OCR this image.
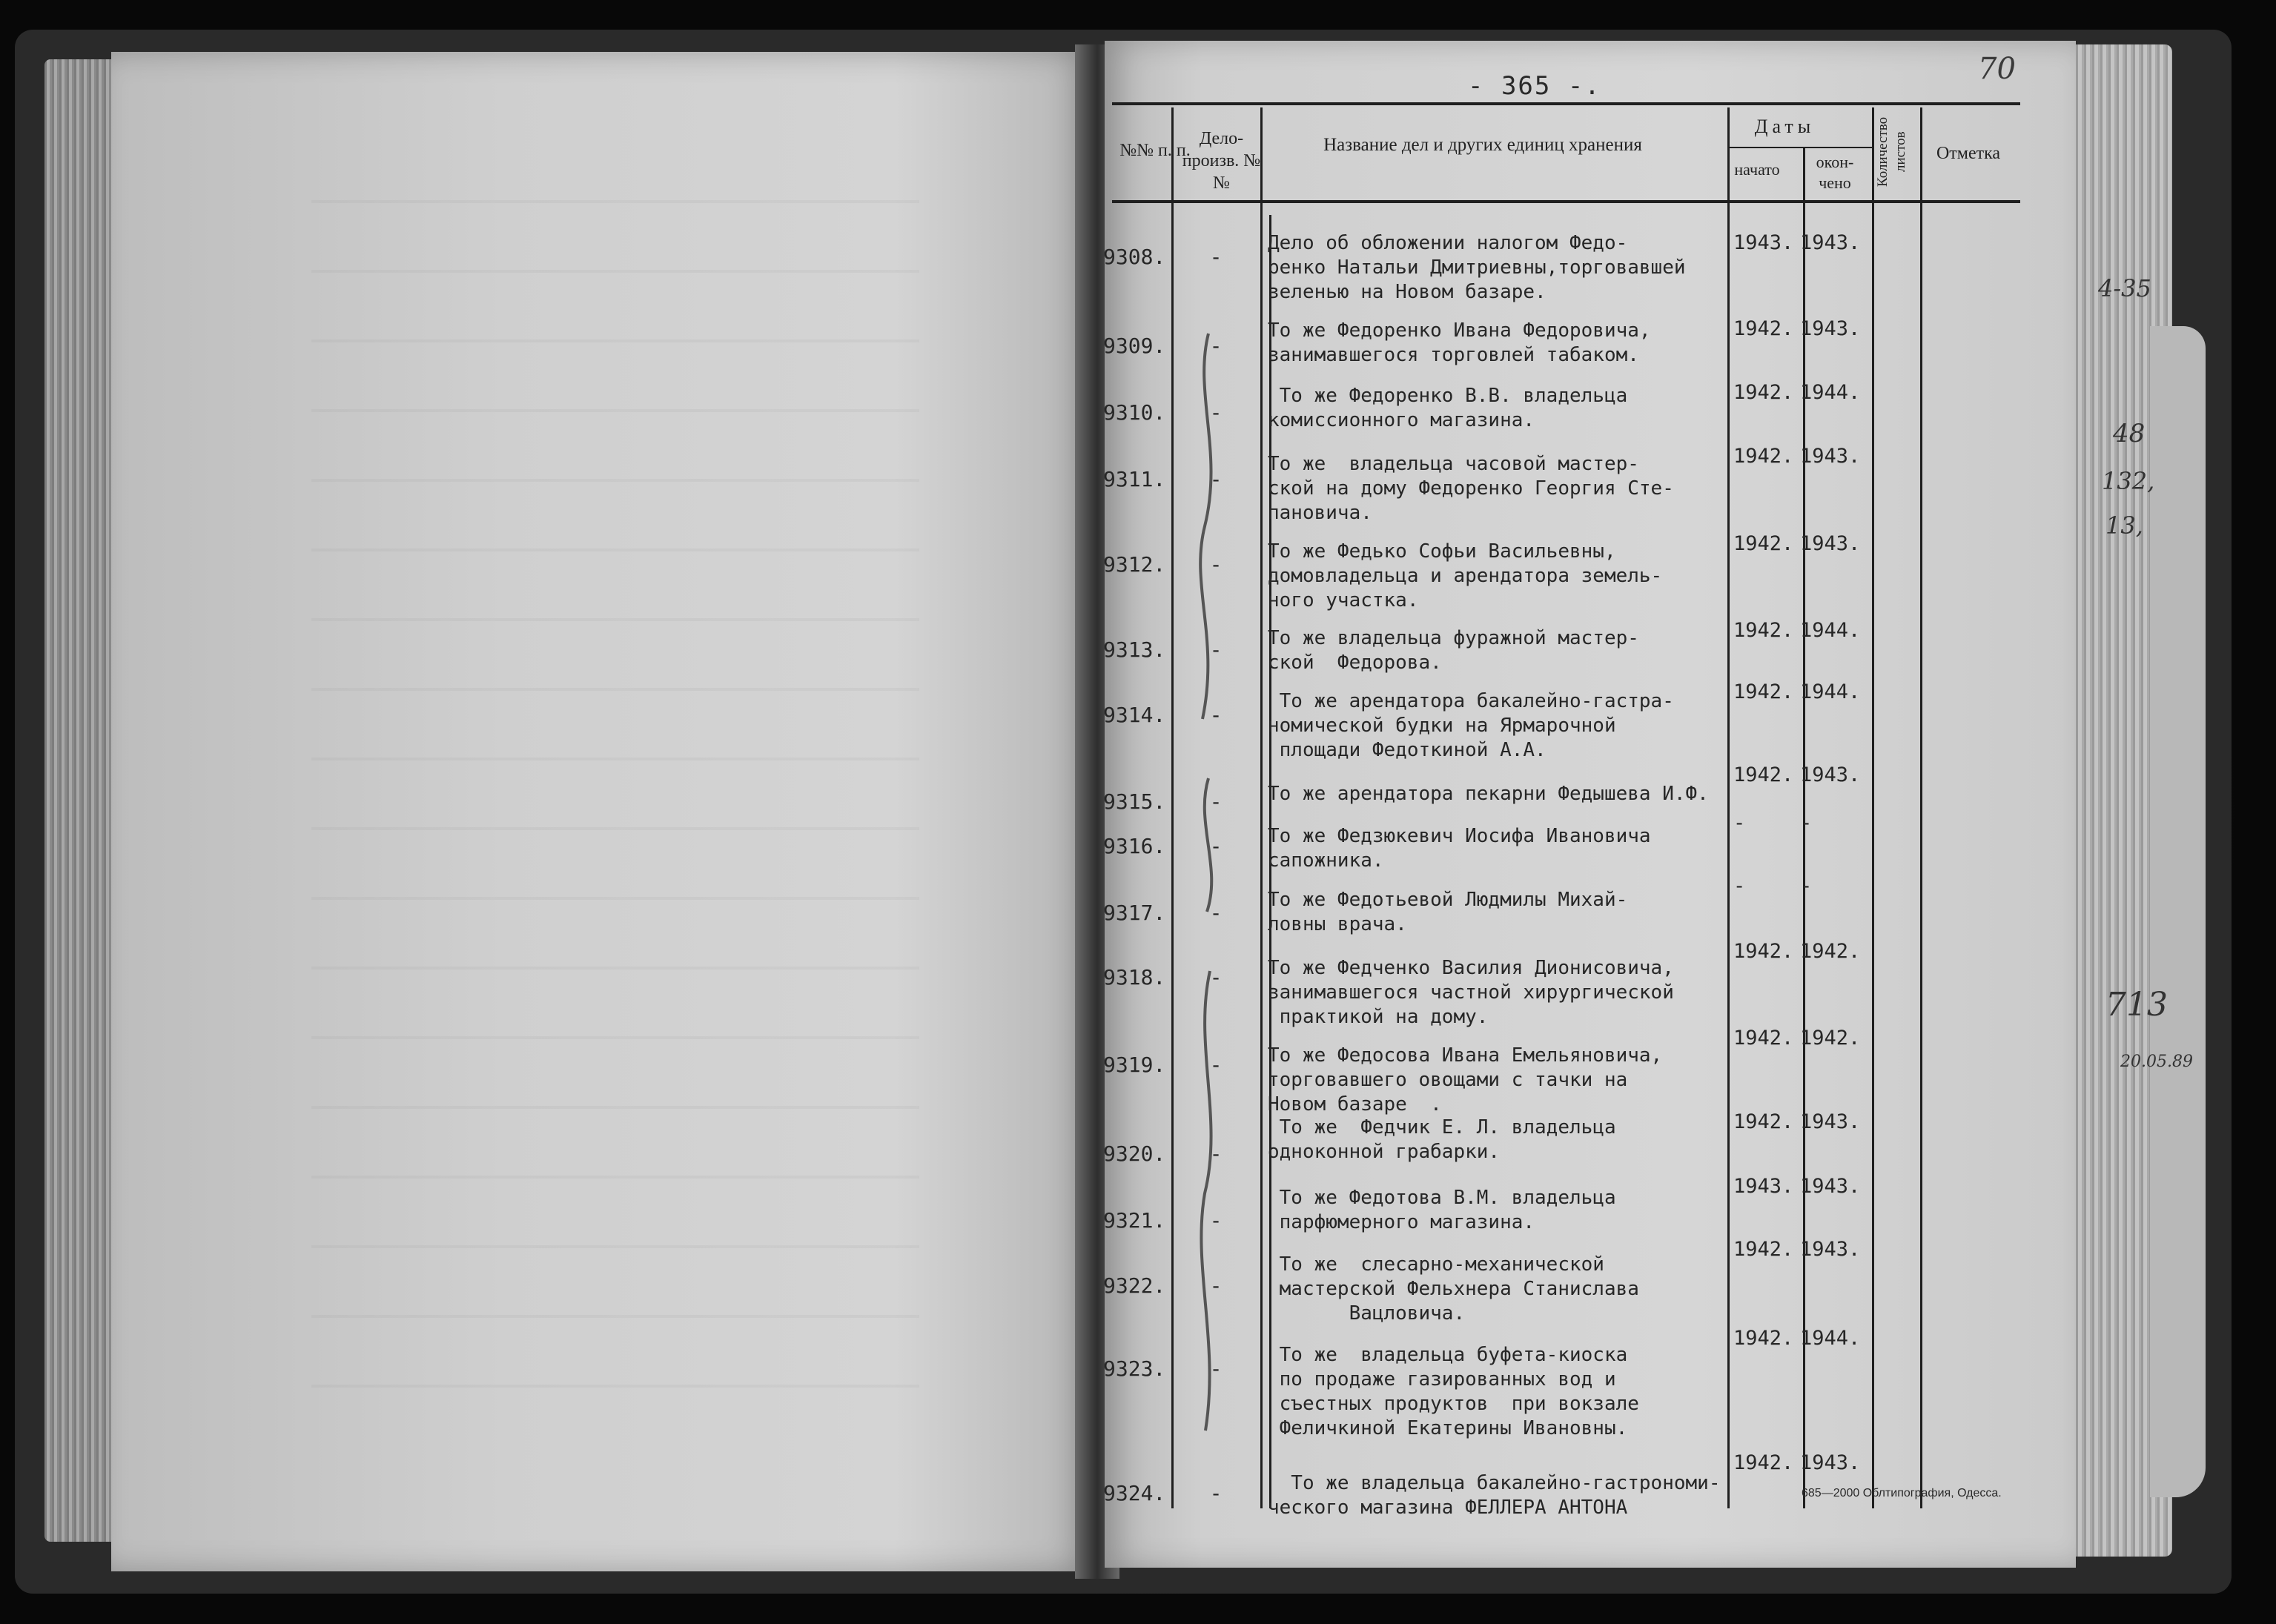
- 365 -.	70
№№ п. п.
Дело- произв. №№
Название дел и других единиц хранения
Даты
начато	окон- чено	Количество листов	Отметка
9308.	-
Дело об обложении налогом Федо-
ренко Натальи Дмитриевны,торговавшей
зеленью на Новом базаре.
1943. 1943.
9309.	-
То же Федоренко Ивана Федоровича,
занимавшегося торговлей табаком.
1942. 1943.
9310.	-
То же Федоренко В.В. владельца
комиссионного магазина.
1942. 1944.
9311.	-
То же  владельца часовой мастер-
ской на дому Федоренко Георгия Сте-
пановича.
1942. 1943.
9312.	-
То же Федько Софьи Васильевны,
домовладельца и арендатора земель-
ного участка.
1942. 1943.
9313.	-	То же владельца фуражной мастер-
ской  Федорова.
1942. 1944.
9314.	-
То же арендатора бакалейно-гастра-
номической будки на Ярмарочной
площади Федоткиной А.А.
1942. 1944.
9315.	-	То же арендатора пекарни Федышева И.Ф.
1942. 1943.
9316.	-	То же Федзюкевич Иосифа Ивановича
сапожника.
-	-
9317.	-
То же Федотьевой Людмилы Михай-
ловны врача.
-	-
9318.	-	То же Федченко Василия Дионисовича,
занимавшегося частной хирургической
практикой на дому.
1942. 1942.
9319.	-	То же Федосова Ивана Емельяновича,
торговавшего овощами с тачки на
Новом базаре  .
1942. 1942.
9320.	-
То же  Федчик Е. Л. владельца
одноконной грабарки.
1942. 1943.
9321.	-
То же Федотова В.М. владельца
парфюмерного магазина.
1943. 1943.
9322.	-
То же  слесарно-механической
мастерской Фельхнера Станислава
Вацловича.
1942. 1943.
9323.	-
То же  владельца буфета-киоска
по продаже газированных вод и
съестных продуктов  при вокзале
Феличкиной Екатерины Ивановны.
1942. 1944.
9324.	-	То же владельца бакалейно-гастрономи-
ческого магазина ФЕЛЛЕРА АНТОНА
1942. 1943.
685—2000 Облтипография, Одесса.
4-35
48
132,
13,
713
20.05.89
